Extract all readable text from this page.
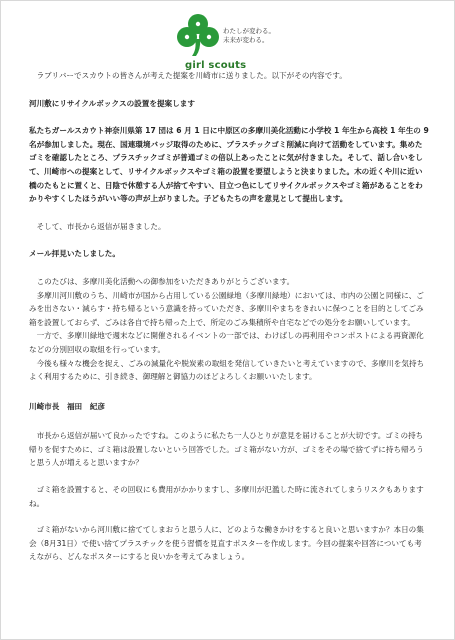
わたしが変わる。
未来が変わる。
girl scouts

　ラブリバーでスカウトの皆さんが考えた提案を川崎市に送りました。以下がその内容です。

河川敷にリサイクルボックスの設置を提案します

私たちガールスカウト神奈川県第 17 団は 6 月 1 日に中原区の多摩川美化活動に小学校 1 年生から高校 1 年生の 9 名が参加しました。現在、国連環境バッジ取得のために、プラスチックゴミ削減に向けて活動をしています。集めたゴミを確認したところ、プラスチックゴミが普通ゴミの倍以上あったことに気が付きました。そして、話し合いをして、川崎市への提案として、リサイクルボックスやゴミ箱の設置を要望しようと決まりました。木の近くや川に近い橋のたもとに置くと、日陰で休憩する人が捨てやすい、目立つ色にしてリサイクルボックスやゴミ箱があることをわかりやすくしたほうがいい等の声が上がりました。子どもたちの声を意見として提出します。

　そして、市長から返信が届きました。

メール拝見いたしました。

　このたびは、多摩川美化活動への御参加をいただきありがとうございます。

　多摩川河川敷のうち、川崎市が国から占用している公園緑地（多摩川緑地）においては、市内の公園と同様に、ごみを出さない・減らす・持ち帰るという意識を持っていただき、多摩川やまちをきれいに保つことを目的としてごみ箱を設置しておらず、ごみは各自で持ち帰った上で、所定のごみ集積所や自宅などでの処分をお願いしています。

　一方で、多摩川緑地で週末などに開催されるイベントの一部では、わけばしの再利用やコンポストによる再資源化などの分別回収の取組を行っています。

　今後も様々な機会を捉え、ごみの減量化や脱炭素の取組を発信していきたいと考えていますので、多摩川を気持ちよく利用するために、引き続き、御理解と御協力のほどよろしくお願いいたします。

川崎市長　福田　紀彦

　市長から返信が届いて良かったですね。このように私たち一人ひとりが意見を届けることが大切です。ゴミの持ち帰りを促すために、ゴミ箱は設置しないという回答でした。ゴミ箱がない方が、ゴミをその場で捨てずに持ち帰ろうと思う人が増えると思いますか？

　ゴミ箱を設置すると、その回収にも費用がかかりますし、多摩川が氾濫した時に流されてしまうリスクもありますね。

　ゴミ箱がないから河川敷に捨ててしまおうと思う人に、どのような働きかけをすると良いと思いますか？本日の集会（8月31日）で使い捨てプラスチックを使う習慣を見直すポスターを作成します。今回の提案や回答についても考えながら、どんなポスターにすると良いかを考えてみましょう。
